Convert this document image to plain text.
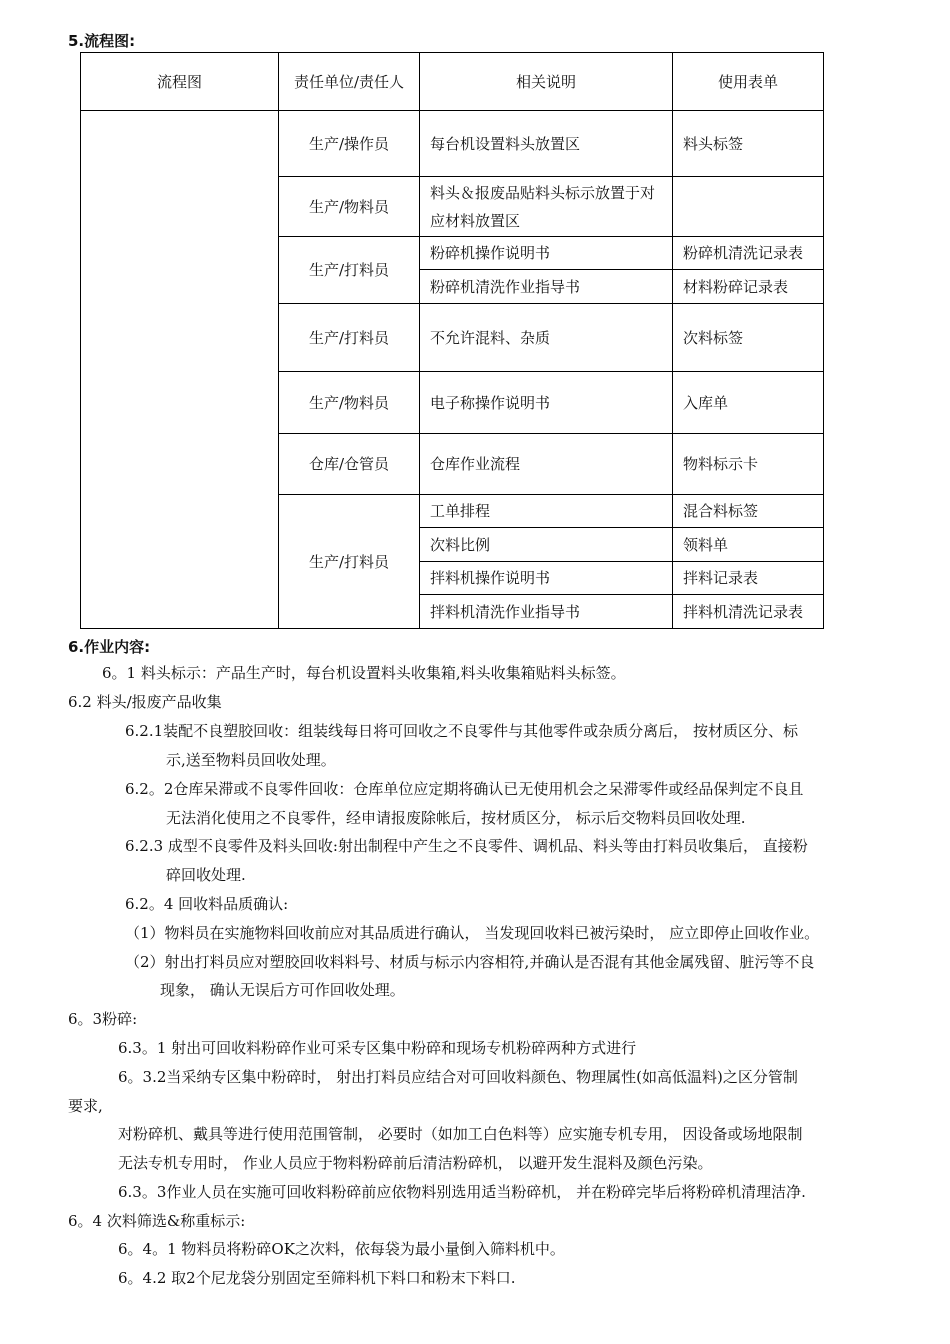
5.流程图:
流程图	责任单位/责任人	相关说明	使用表单
	生产/操作员	每台机设置料头放置区	料头标签
	生产/物料员	料头＆报废品贴料头标示放置于对应材料放置区	
	生产/打料员	粉碎机操作说明书	粉碎机清洗记录表
		粉碎机清洗作业指导书	材料粉碎记录表
	生产/打料员	不允许混料、杂质	次料标签
	生产/物料员	电子称操作说明书	入库单
	仓库/仓管员	仓库作业流程	物料标示卡
	生产/打料员	工单排程	混合料标签
		次料比例	领料单
		拌料机操作说明书	拌料记录表
		拌料机清洗作业指导书	拌料机清洗记录表
6.作业内容:
6。1 料头标示：产品生产时，每台机设置料头收集箱,料头收集箱贴料头标签。
6.2 料头/报废产品收集
6.2.1装配不良塑胶回收：组装线每日将可回收之不良零件与其他零件或杂质分离后， 按材质区分、标
示,送至物料员回收处理。
6.2。2仓库呆滞或不良零件回收：仓库单位应定期将确认已无使用机会之呆滞零件或经品保判定不良且
无法消化使用之不良零件，经申请报废除帐后，按材质区分， 标示后交物料员回收处理.
6.2.3 成型不良零件及料头回收:射出制程中产生之不良零件、调机品、料头等由打料员收集后， 直接粉
碎回收处理.
6.2。4 回收料品质确认:
（1）物料员在实施物料回收前应对其品质进行确认， 当发现回收料已被污染时， 应立即停止回收作业。
（2）射出打料员应对塑胶回收料料号、材质与标示内容相符,并确认是否混有其他金属残留、脏污等不良
现象， 确认无误后方可作回收处理。
6。3粉碎:
6.3。1 射出可回收料粉碎作业可采专区集中粉碎和现场专机粉碎两种方式进行
6。3.2当采纳专区集中粉碎时， 射出打料员应结合对可回收料颜色、物理属性(如高低温料)之区分管制
要求,
对粉碎机、戴具等进行使用范围管制， 必要时（如加工白色料等）应实施专机专用， 因设备或场地限制
无法专机专用时， 作业人员应于物料粉碎前后清洁粉碎机， 以避开发生混料及颜色污染。
6.3。3作业人员在实施可回收料粉碎前应依物料别选用适当粉碎机， 并在粉碎完毕后将粉碎机清理洁净.
6。4 次料筛选&称重标示:
6。4。1 物料员将粉碎OK之次料，依每袋为最小量倒入筛料机中。
6。4.2 取2个尼龙袋分别固定至筛料机下料口和粉末下料口.
